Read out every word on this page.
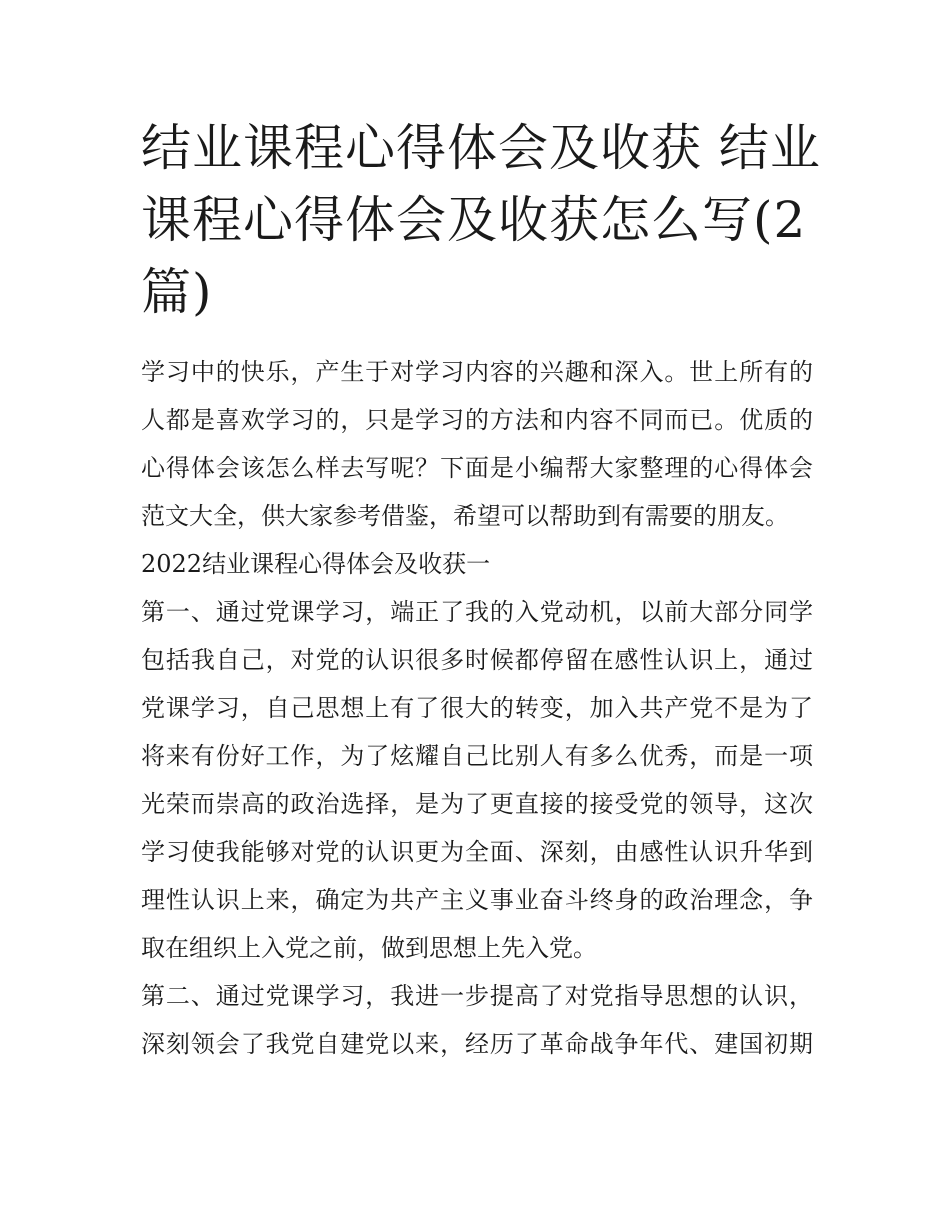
结业课程心得体会及收获 结业
课程心得体会及收获怎么写(2
篇)

学习中的快乐，产生于对学习内容的兴趣和深入。世上所有的
人都是喜欢学习的，只是学习的方法和内容不同而已。优质的
心得体会该怎么样去写呢？下面是小编帮大家整理的心得体会
范文大全，供大家参考借鉴，希望可以帮助到有需要的朋友。

2022结业课程心得体会及收获一

第一、通过党课学习，端正了我的入党动机，以前大部分同学
包括我自己，对党的认识很多时候都停留在感性认识上，通过
党课学习，自己思想上有了很大的转变，加入共产党不是为了
将来有份好工作，为了炫耀自己比别人有多么优秀，而是一项
光荣而崇高的政治选择，是为了更直接的接受党的领导，这次
学习使我能够对党的认识更为全面、深刻，由感性认识升华到
理性认识上来，确定为共产主义事业奋斗终身的政治理念，争
取在组织上入党之前，做到思想上先入党。

第二、通过党课学习，我进一步提高了对党指导思想的认识，
深刻领会了我党自建党以来，经历了革命战争年代、建国初期
